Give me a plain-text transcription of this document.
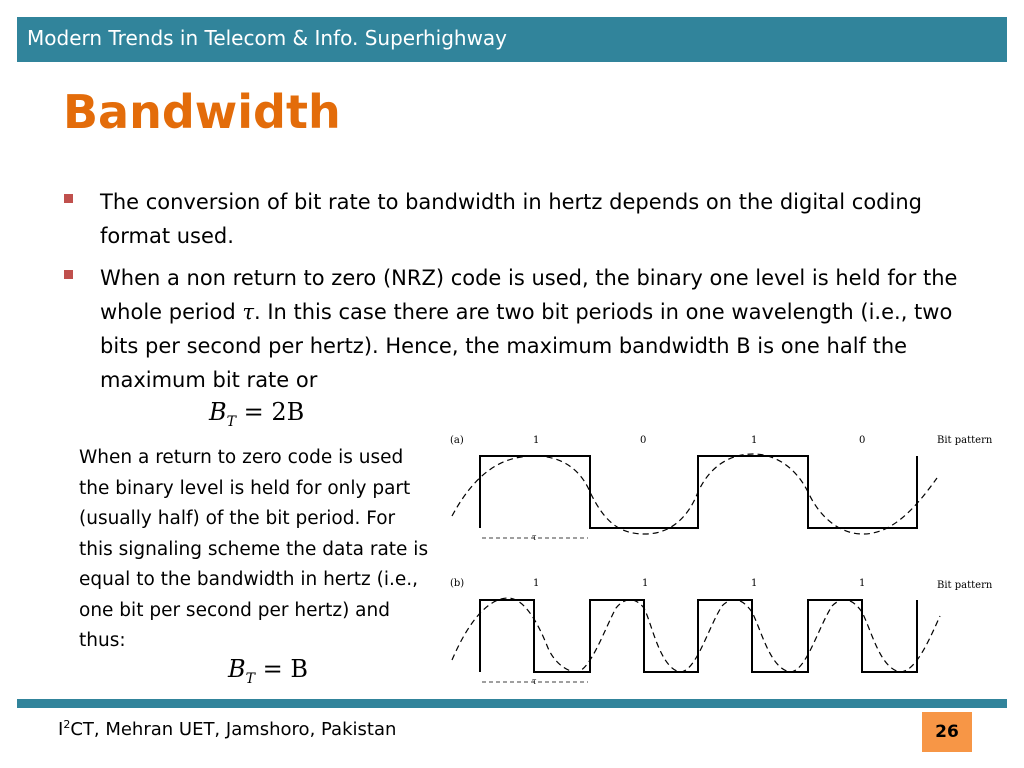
Modern Trends in Telecom & Info. Superhighway
Bandwidth
The conversion of bit rate to bandwidth in hertz depends on the digital coding format used.
When a non return to zero (NRZ) code is used, the binary one level is held for the whole period τ. In this case there are two bit periods in one wavelength (i.e., two bits per second per hertz). Hence, the maximum bandwidth B is one half the maximum bit rate or
$B_T = 2B$
When a return to zero code is used the binary level is held for only part (usually half) of the bit period. For this signaling scheme the data rate is equal to the bandwidth in hertz (i.e., one bit per second per hertz) and thus:
$B_T = B$
(a)	1	0	1	0	Bit pattern
τ
(b)	1	1	1	1	Bit pattern
τ
$I^2CT$, Mehran UET, Jamshoro, Pakistan	26
